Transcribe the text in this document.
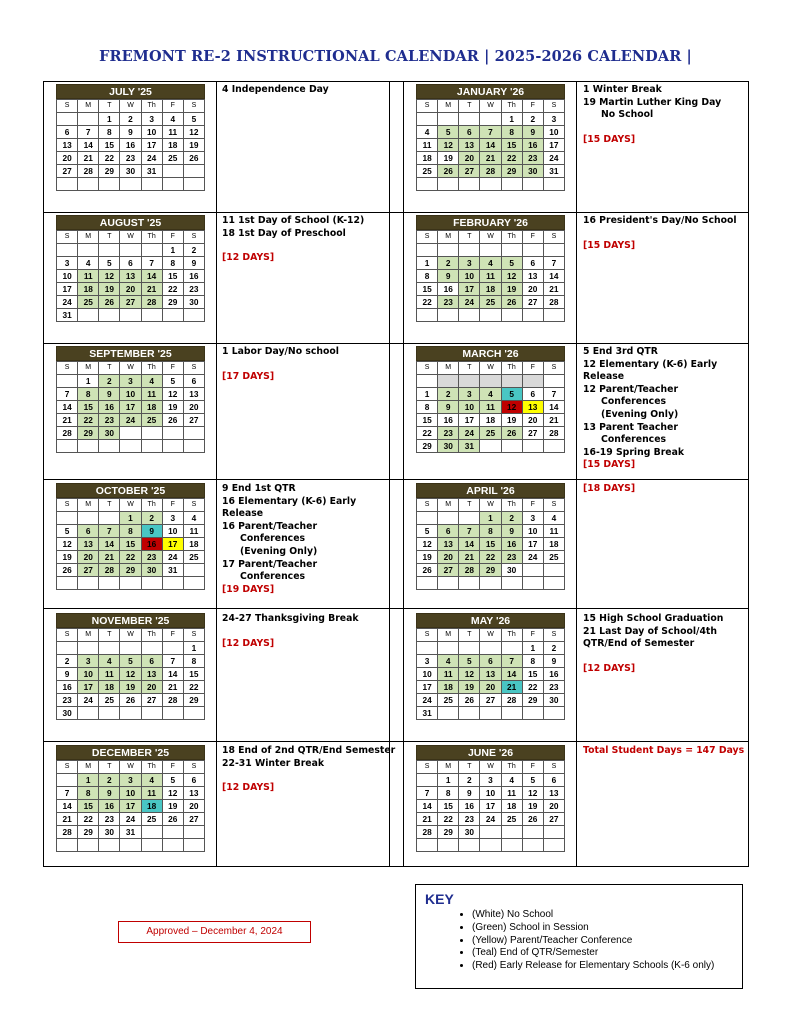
FREMONT RE-2 INSTRUCTIONAL CALENDAR | 2025-2026 CALENDAR |
JULY '25
S	M	T	W	Th	F	S
		1	2	3	4	5
6	7	8	9	10	11	12
13	14	15	16	17	18	19
20	21	22	23	24	25	26
27	28	29	30	31		

4 Independence Day	JANUARY '26
S	M	T	W	Th	F	S
				1	2	3
4	5	6	7	8	9	10
11	12	13	14	15	16	17
18	19	20	21	22	23	24
25	26	27	28	29	30	31

1 Winter Break
19 Martin Luther King Day
No School
[15 DAYS]
AUGUST '25
S	M	T	W	Th	F	S
					1	2
3	4	5	6	7	8	9
10	11	12	13	14	15	16
17	18	19	20	21	22	23
24	25	26	27	28	29	30
31						
11 1st Day of School (K-12)
18 1st Day of Preschool
[12 DAYS]
FEBRUARY '26
S	M	T	W	Th	F	S

1	2	3	4	5	6	7
8	9	10	11	12	13	14
15	16	17	18	19	20	21
22	23	24	25	26	27	28

16 President's Day/No School
[15 DAYS]
SEPTEMBER '25
S	M	T	W	Th	F	S
	1	2	3	4	5	6
7	8	9	10	11	12	13
14	15	16	17	18	19	20
21	22	23	24	25	26	27
28	29	30				

1 Labor Day/No school
[17 DAYS]
MARCH '26
S	M	T	W	Th	F	S

1	2	3	4	5	6	7
8	9	10	11	12	13	14
15	16	17	18	19	20	21
22	23	24	25	26	27	28
29	30	31				
5 End 3rd QTR
12 Elementary (K-6) Early
Release
12 Parent/Teacher
Conferences
(Evening Only)
13 Parent Teacher
Conferences
16-19 Spring Break
[15 DAYS]
OCTOBER '25
S	M	T	W	Th	F	S
			1	2	3	4
5	6	7	8	9	10	11
12	13	14	15	16	17	18
19	20	21	22	23	24	25
26	27	28	29	30	31	

9 End 1st QTR
16 Elementary (K-6) Early
Release
16 Parent/Teacher
Conferences
(Evening Only)
17 Parent/Teacher
Conferences
[19 DAYS]
APRIL '26
S	M	T	W	Th	F	S
			1	2	3	4
5	6	7	8	9	10	11
12	13	14	15	16	17	18
19	20	21	22	23	24	25
26	27	28	29	30		

[18 DAYS]
NOVEMBER '25
S	M	T	W	Th	F	S
						1
2	3	4	5	6	7	8
9	10	11	12	13	14	15
16	17	18	19	20	21	22
23	24	25	26	27	28	29
30						
24-27 Thanksgiving Break
[12 DAYS]
MAY '26
S	M	T	W	Th	F	S
					1	2
3	4	5	6	7	8	9
10	11	12	13	14	15	16
17	18	19	20	21	22	23
24	25	26	27	28	29	30
31						
15 High School Graduation
21 Last Day of School/4th
QTR/End of Semester
[12 DAYS]
DECEMBER '25
S	M	T	W	Th	F	S
	1	2	3	4	5	6
7	8	9	10	11	12	13
14	15	16	17	18	19	20
21	22	23	24	25	26	27
28	29	30	31			

18 End of 2nd QTR/End Semester
22-31 Winter Break
[12 DAYS]
JUNE '26
S	M	T	W	Th	F	S
	1	2	3	4	5	6
7	8	9	10	11	12	13
14	15	16	17	18	19	20
21	22	23	24	25	26	27
28	29	30				

Total Student Days = 147 Days
Approved – December 4, 2024
KEY
• (White) No School
• (Green) School in Session
• (Yellow) Parent/Teacher Conference
• (Teal) End of QTR/Semester
• (Red) Early Release for Elementary Schools (K-6 only)
